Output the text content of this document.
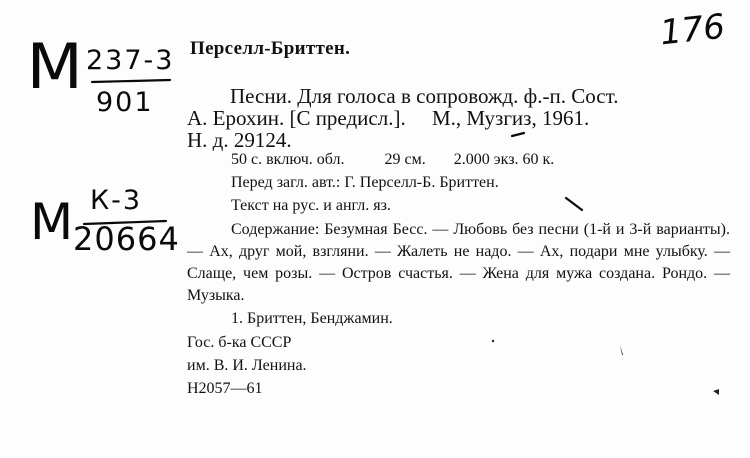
М 237-3
901
М К-3
20664
176
Перселл-Бриттен.
Песни. Для голоса в сопровожд. ф.-п. Сост.
А. Ерохин. [С предисл.].     М., Музгиз, 1961.
Н. д. 29124.
50 с. включ. обл.          29 см.       2.000 экз. 60 к.
Перед загл. авт.: Г. Перселл-Б. Бриттен.
Текст на рус. и англ. яз.
Содержание: Безумная Бесс. — Любовь без песни (1-й и 3-й варианты). — Ах, друг мой, взгляни. — Жалеть не надо. — Ах, подари мне улыбку. — Слаще, чем розы. — Остров счастья. — Жена для мужа создана. Рондо. — Музыка.
1. Бриттен, Бенджамин.
Гос. б-ка СССР
им. В. И. Ленина.
Н2057—61
